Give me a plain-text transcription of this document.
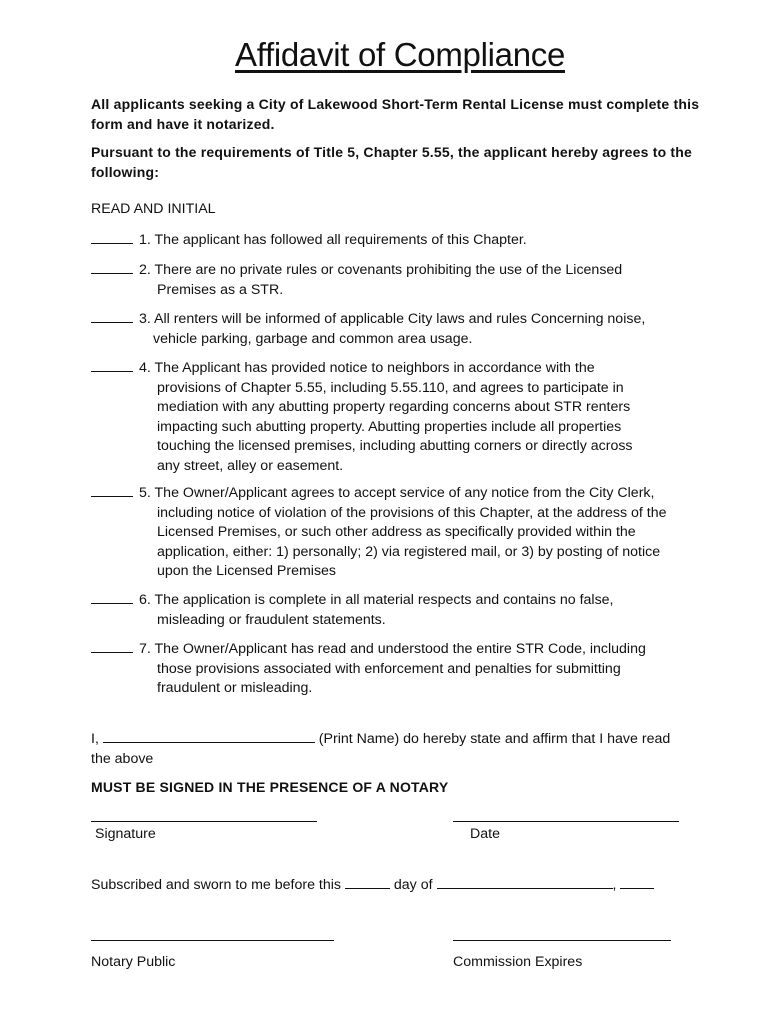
Affidavit of Compliance
All applicants seeking a City of Lakewood Short-Term Rental License must complete this form and have it notarized.
Pursuant to the requirements of Title 5, Chapter 5.55, the applicant hereby agrees to the following:
READ AND INITIAL
1. The applicant has followed all requirements of this Chapter.
2. There are no private rules or covenants prohibiting the use of the Licensed
Premises as a STR.
3. All renters will be informed of applicable City laws and rules Concerning noise,
vehicle parking, garbage and common area usage.
4. The Applicant has provided notice to neighbors in accordance with the
provisions of Chapter 5.55, including 5.55.110, and agrees to participate in
mediation with any abutting property regarding concerns about STR renters
impacting such abutting property. Abutting properties include all properties
touching the licensed premises, including abutting corners or directly across
any street, alley or easement.
5. The Owner/Applicant agrees to accept service of any notice from the City Clerk,
including notice of violation of the provisions of this Chapter, at the address of the
Licensed Premises, or such other address as specifically provided within the
application, either: 1) personally; 2) via registered mail, or 3) by posting of notice
upon the Licensed Premises
6. The application is complete in all material respects and contains no false,
misleading or fraudulent statements.
7. The Owner/Applicant has read and understood the entire STR Code, including
those provisions associated with enforcement and penalties for submitting
fraudulent or misleading.
I,	(Print Name) do hereby state and affirm that I have read
the above
MUST BE SIGNED IN THE PRESENCE OF A NOTARY
Signature	Date
Subscribed and sworn to me before this	day of	,
Notary Public	Commission Expires
